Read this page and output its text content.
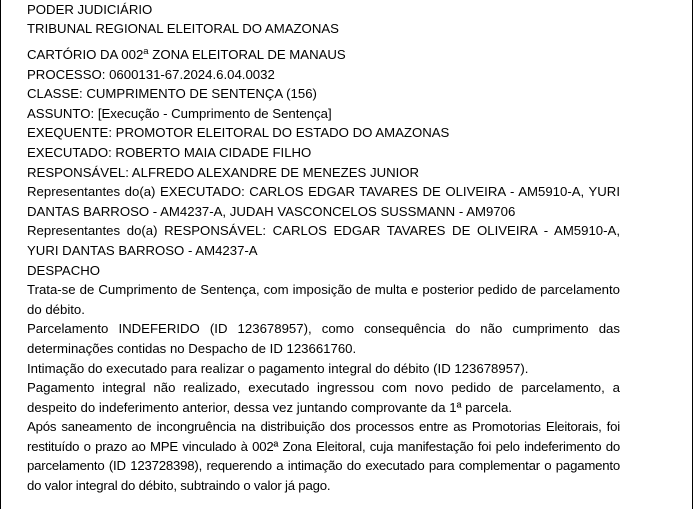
PODER JUDICIÁRIO

TRIBUNAL REGIONAL ELEITORAL DO AMAZONAS

CARTÓRIO DA 002$^a$ ZONA ELEITORAL DE MANAUS

PROCESSO: 0600131-67.2024.6.04.0032

CLASSE: CUMPRIMENTO DE SENTENÇA (156)

ASSUNTO: [Execução - Cumprimento de Sentença]

EXEQUENTE: PROMOTOR ELEITORAL DO ESTADO DO AMAZONAS

EXECUTADO: ROBERTO MAIA CIDADE FILHO

RESPONSÁVEL: ALFREDO ALEXANDRE DE MENEZES JUNIOR

Representantes do(a) EXECUTADO: CARLOS EDGAR TAVARES DE OLIVEIRA - AM5910-A, YURI DANTAS BARROSO - AM4237-A, JUDAH VASCONCELOS SUSSMANN - AM9706

Representantes do(a) RESPONSÁVEL: CARLOS EDGAR TAVARES DE OLIVEIRA - AM5910-A, YURI DANTAS BARROSO - AM4237-A

DESPACHO

Trata-se de Cumprimento de Sentença, com imposição de multa e posterior pedido de parcelamento do débito.

Parcelamento INDEFERIDO (ID 123678957), como consequência do não cumprimento das determinações contidas no Despacho de ID 123661760.

Intimação do executado para realizar o pagamento integral do débito (ID 123678957).

Pagamento integral não realizado, executado ingressou com novo pedido de parcelamento, a despeito do indeferimento anterior, dessa vez juntando comprovante da 1ª parcela.

Após saneamento de incongruência na distribuição dos processos entre as Promotorias Eleitorais, foi restituído o prazo ao MPE vinculado à 002ª Zona Eleitoral, cuja manifestação foi pelo indeferimento do parcelamento (ID 123728398), requerendo a intimação do executado para complementar o pagamento do valor integral do débito, subtraindo o valor já pago.
